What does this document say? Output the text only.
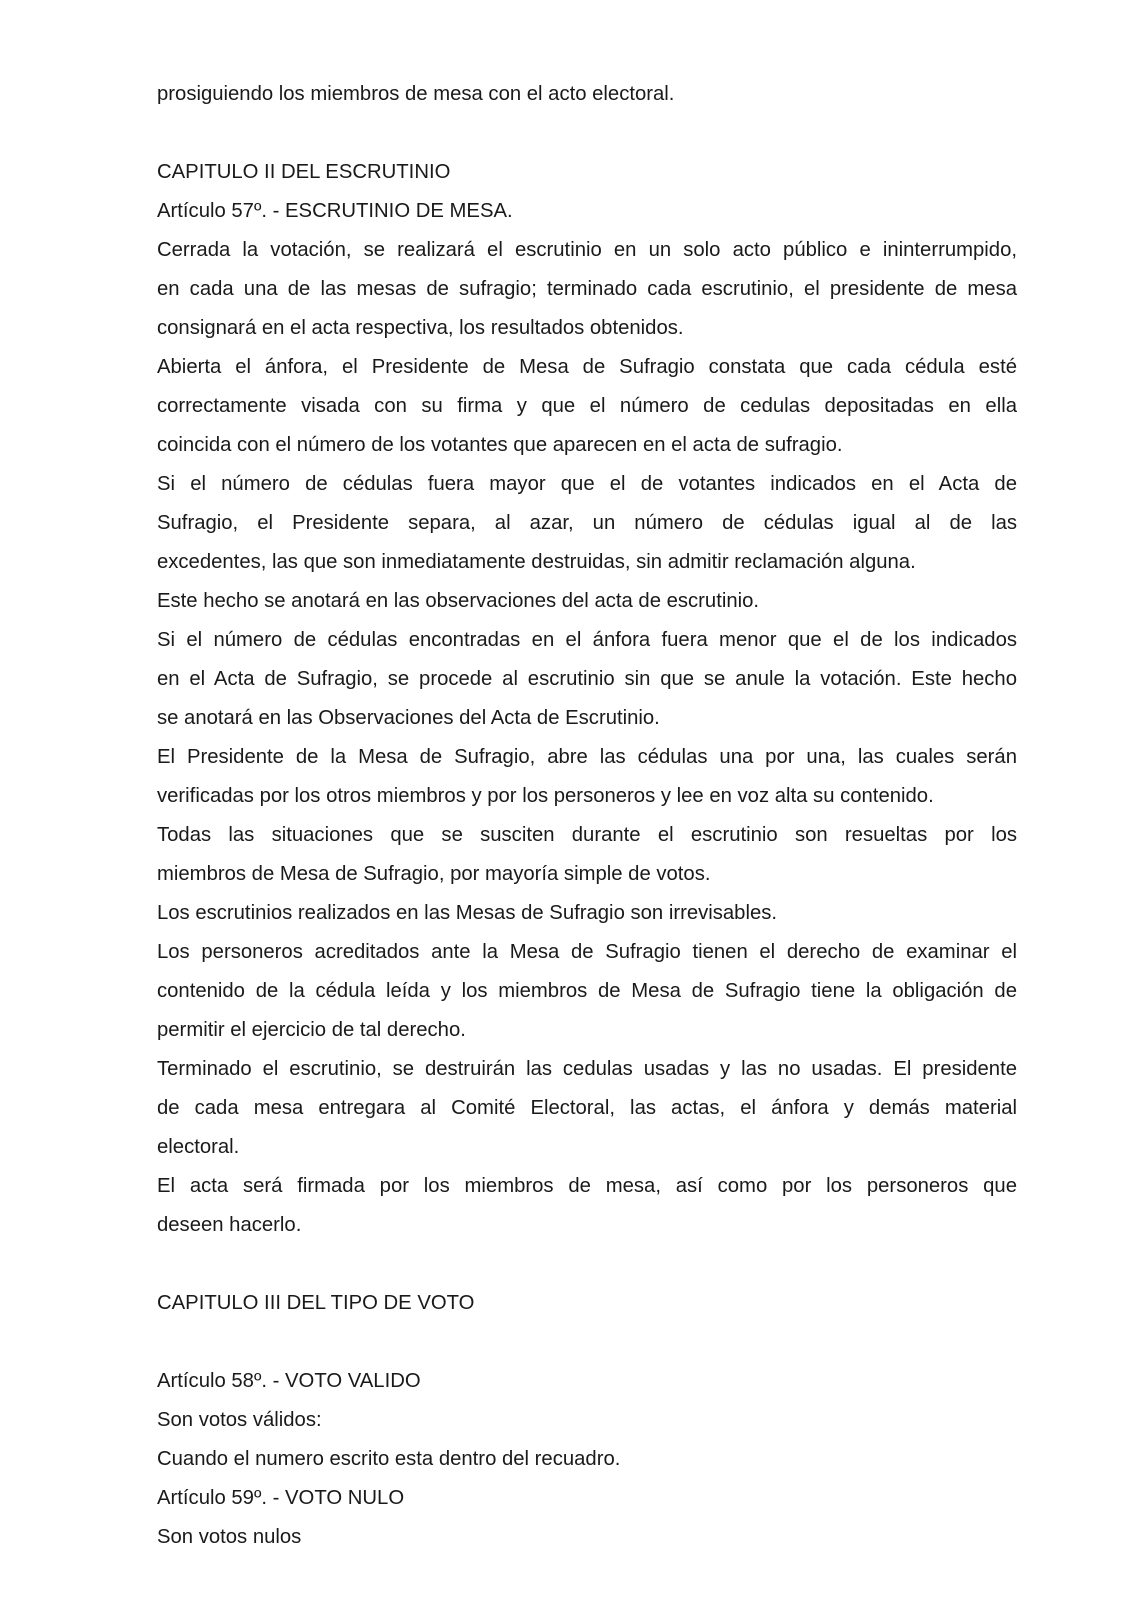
prosiguiendo los miembros de mesa con el acto electoral.
CAPITULO II DEL ESCRUTINIO
Artículo 57º. - ESCRUTINIO DE MESA.
Cerrada la votación, se realizará el escrutinio en un solo acto público e ininterrumpido,
en cada una de las mesas de sufragio; terminado cada escrutinio, el presidente de mesa
consignará en el acta respectiva, los resultados obtenidos.
Abierta el ánfora, el Presidente de Mesa de Sufragio constata que cada cédula esté
correctamente visada con su firma y que el número de cedulas depositadas en ella
coincida con el número de los votantes que aparecen en el acta de sufragio.
Si el número de cédulas fuera mayor que el de votantes indicados en el Acta de
Sufragio, el Presidente separa, al azar, un número de cédulas igual al de las
excedentes, las que son inmediatamente destruidas, sin admitir reclamación alguna.
Este hecho se anotará en las observaciones del acta de escrutinio.
Si el número de cédulas encontradas en el ánfora fuera menor que el de los indicados
en el Acta de Sufragio, se procede al escrutinio sin que se anule la votación. Este hecho
se anotará en las Observaciones del Acta de Escrutinio.
El Presidente de la Mesa de Sufragio, abre las cédulas una por una, las cuales serán
verificadas por los otros miembros y por los personeros y lee en voz alta su contenido.
Todas las situaciones que se susciten durante el escrutinio son resueltas por los
miembros de Mesa de Sufragio, por mayoría simple de votos.
Los escrutinios realizados en las Mesas de Sufragio son irrevisables.
Los personeros acreditados ante la Mesa de Sufragio tienen el derecho de examinar el
contenido de la cédula leída y los miembros de Mesa de Sufragio tiene la obligación de
permitir el ejercicio de tal derecho.
Terminado el escrutinio, se destruirán las cedulas usadas y las no usadas. El presidente
de cada mesa entregara al Comité Electoral, las actas, el ánfora y demás material
electoral.
El acta será firmada por los miembros de mesa, así como por los personeros que
deseen hacerlo.
CAPITULO III DEL TIPO DE VOTO
Artículo 58º. - VOTO VALIDO
Son votos válidos:
Cuando el numero escrito esta dentro del recuadro.
Artículo 59º. - VOTO NULO
Son votos nulos
